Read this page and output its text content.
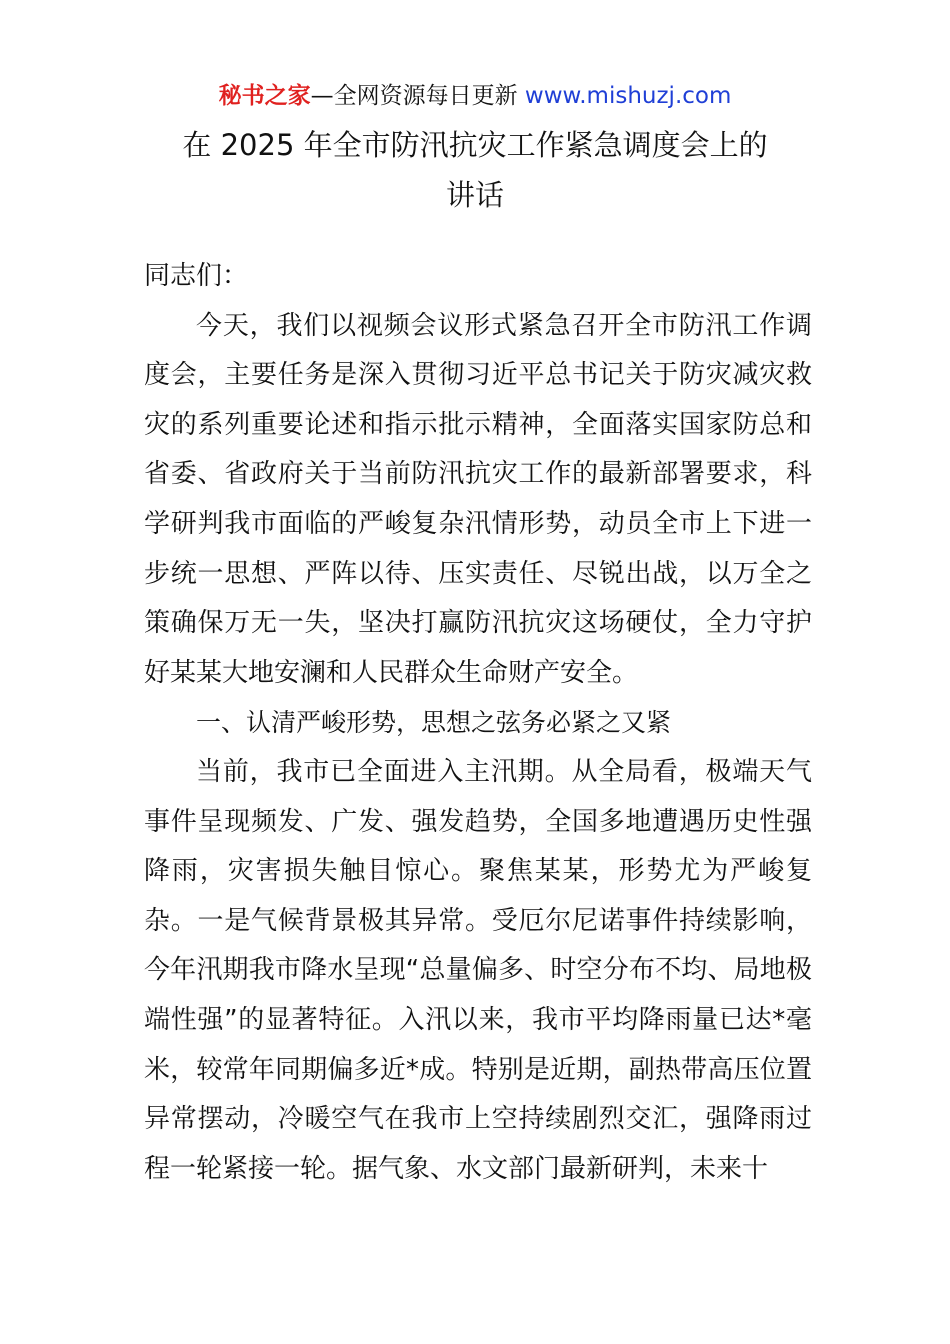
秘书之家—全网资源每日更新 www.mishuzj.com
在 2025 年全市防汛抗灾工作紧急调度会上的
讲话

同志们：

今天，我们以视频会议形式紧急召开全市防汛工作调度会，主要任务是深入贯彻习近平总书记关于防灾减灾救灾的系列重要论述和指示批示精神，全面落实国家防总和省委、省政府关于当前防汛抗灾工作的最新部署要求，科学研判我市面临的严峻复杂汛情形势，动员全市上下进一步统一思想、严阵以待、压实责任、尽锐出战，以万全之策确保万无一失，坚决打赢防汛抗灾这场硬仗，全力守护好某某大地安澜和人民群众生命财产安全。

一、认清严峻形势，思想之弦务必紧之又紧

当前，我市已全面进入主汛期。从全局看，极端天气事件呈现频发、广发、强发趋势，全国多地遭遇历史性强降雨，灾害损失触目惊心。聚焦某某，形势尤为严峻复杂。一是气候背景极其异常。受厄尔尼诺事件持续影响，今年汛期我市降水呈现“总量偏多、时空分布不均、局地极端性强”的显著特征。入汛以来，我市平均降雨量已达*毫米，较常年同期偏多近*成。特别是近期，副热带高压位置异常摆动，冷暖空气在我市上空持续剧烈交汇，强降雨过程一轮紧接一轮。据气象、水文部门最新研判，未来十
